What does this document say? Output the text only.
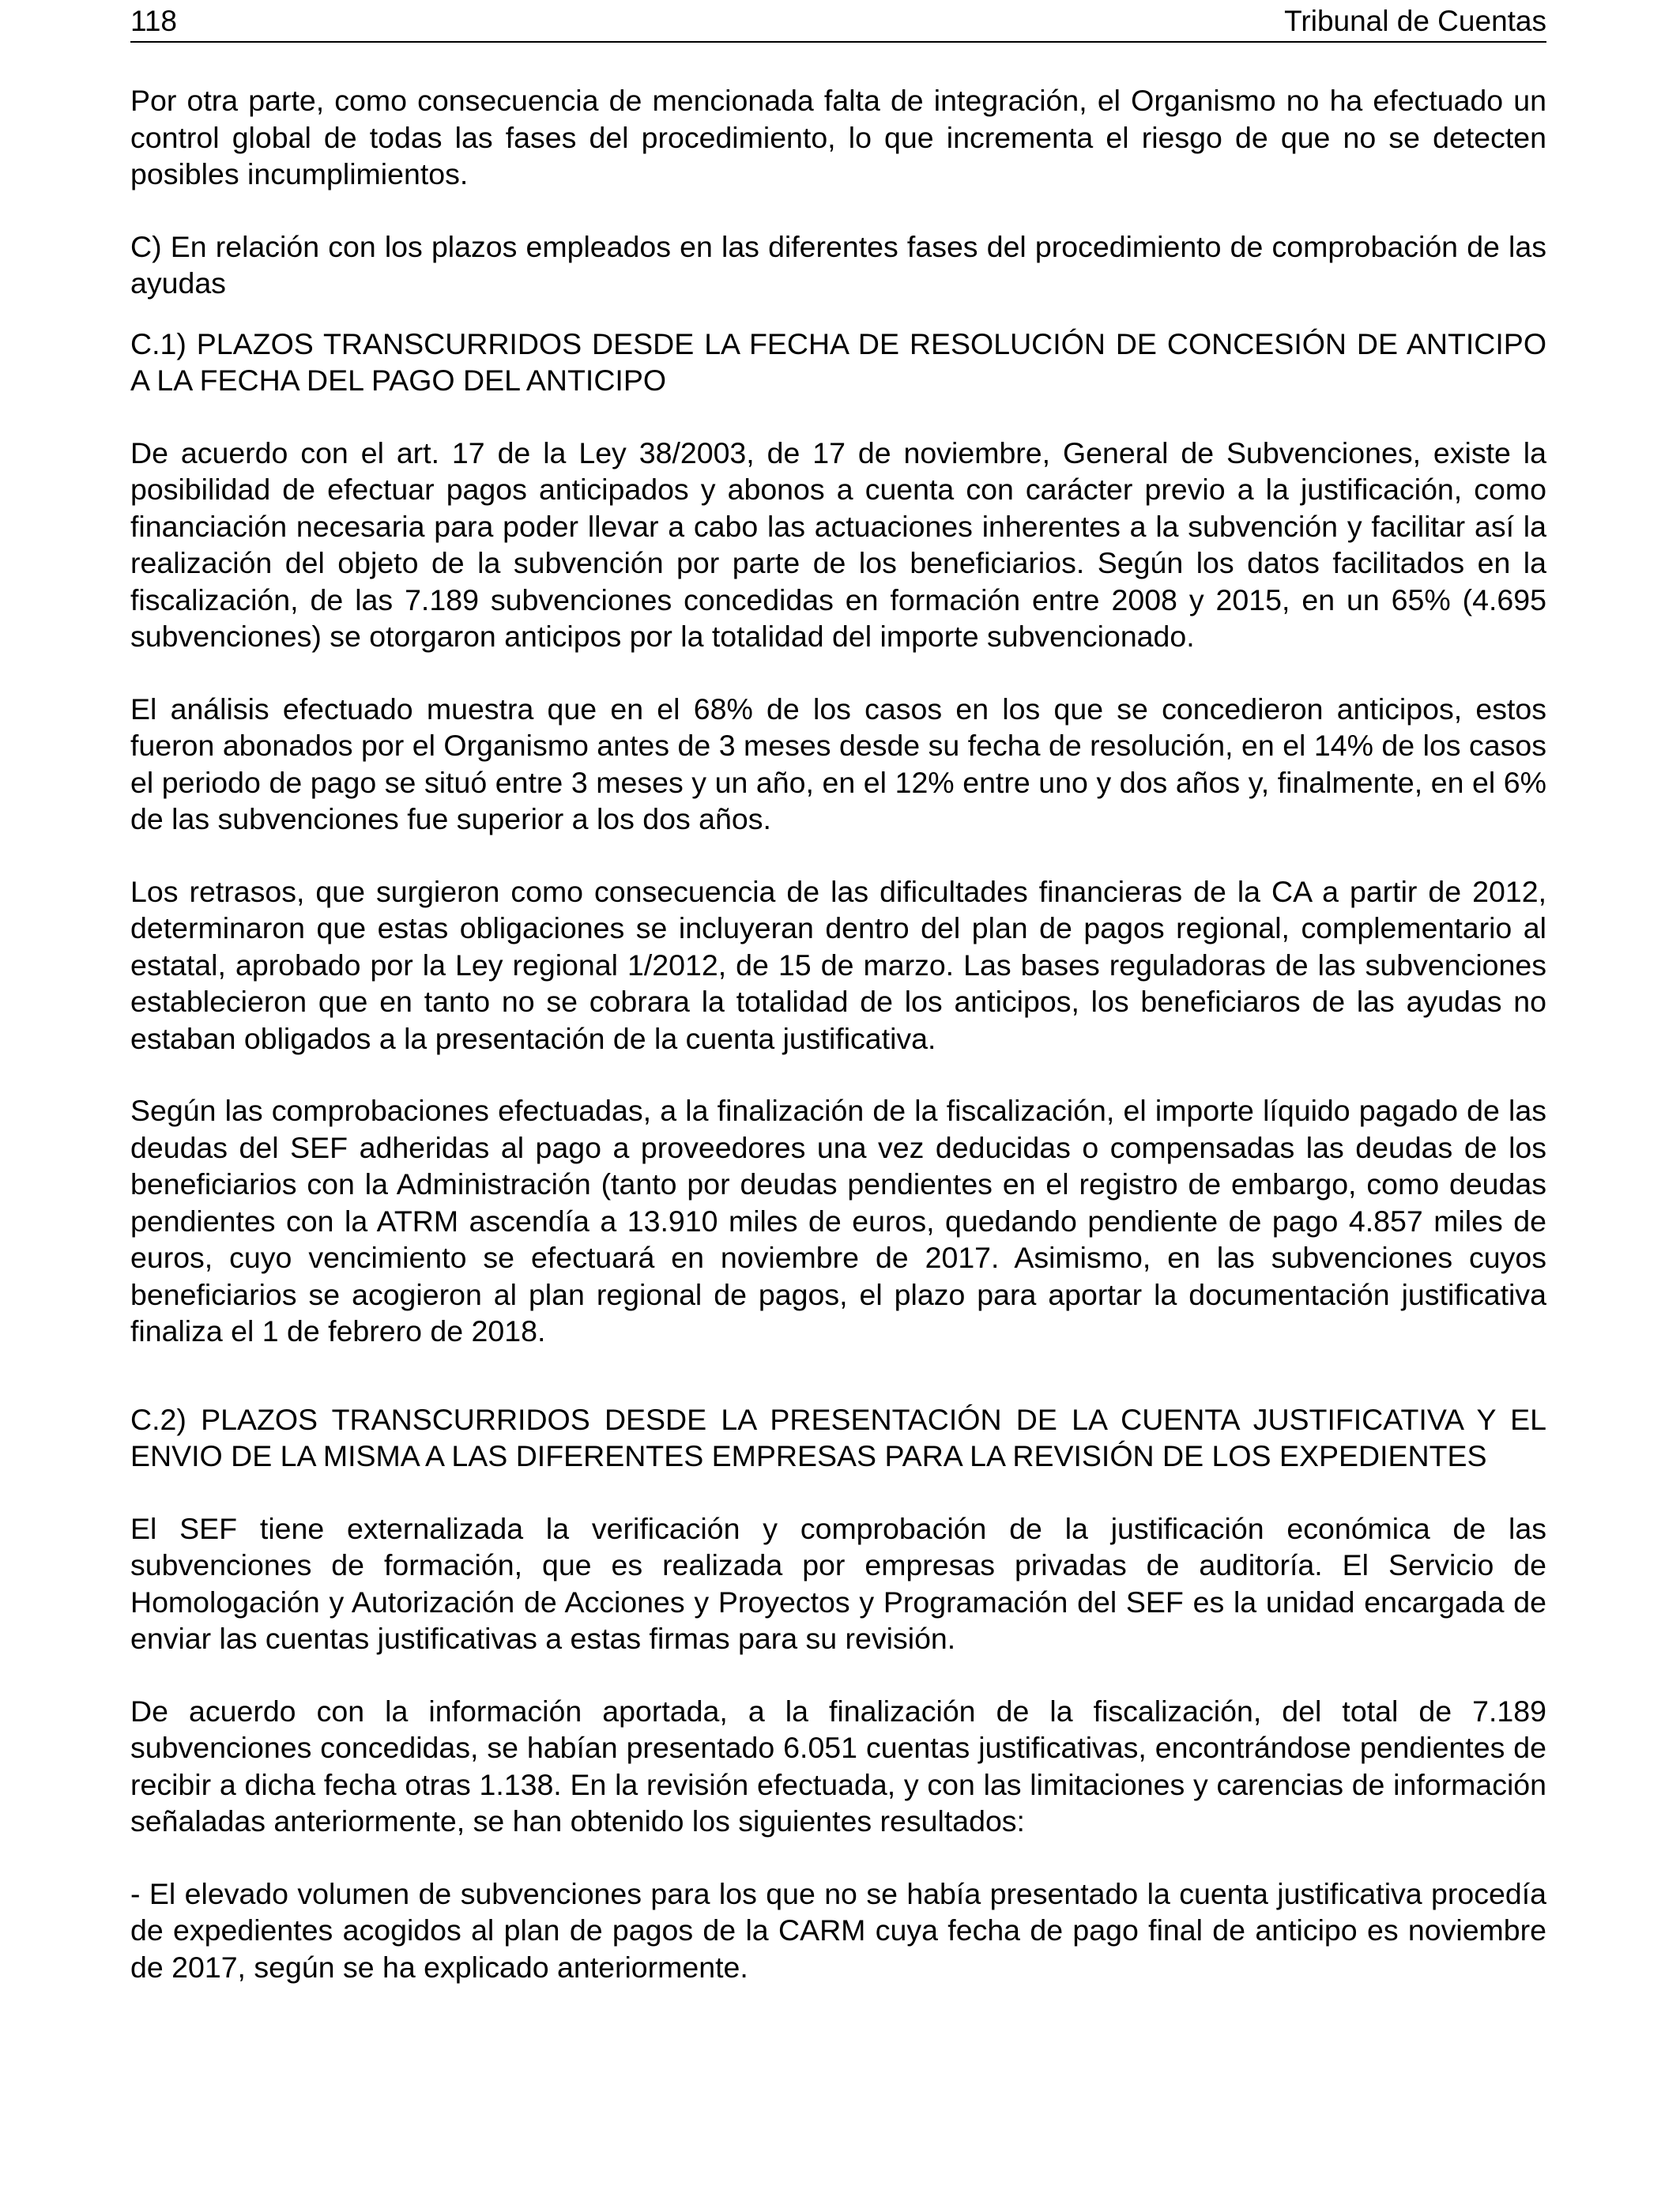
118	Tribunal de Cuentas

Por otra parte, como consecuencia de mencionada falta de integración, el Organismo no ha efectuado un control global de todas las fases del procedimiento, lo que incrementa el riesgo de que no se detecten posibles incumplimientos.

C) En relación con los plazos empleados en las diferentes fases del procedimiento de comprobación de las ayudas

C.1) PLAZOS TRANSCURRIDOS DESDE LA FECHA DE RESOLUCIÓN DE CONCESIÓN DE ANTICIPO A LA FECHA DEL PAGO DEL ANTICIPO

De acuerdo con el art. 17 de la Ley 38/2003, de 17 de noviembre, General de Subvenciones, existe la posibilidad de efectuar pagos anticipados y abonos a cuenta con carácter previo a la justificación, como financiación necesaria para poder llevar a cabo las actuaciones inherentes a la subvención y facilitar así la realización del objeto de la subvención por parte de los beneficiarios. Según los datos facilitados en la fiscalización, de las 7.189 subvenciones concedidas en formación entre 2008 y 2015, en un 65% (4.695 subvenciones) se otorgaron anticipos por la totalidad del importe subvencionado.

El análisis efectuado muestra que en el 68% de los casos en los que se concedieron anticipos, estos fueron abonados por el Organismo antes de 3 meses desde su fecha de resolución, en el 14% de los casos el periodo de pago se situó entre 3 meses y un año, en el 12% entre uno y dos años y, finalmente, en el 6% de las subvenciones fue superior a los dos años.

Los retrasos, que surgieron como consecuencia de las dificultades financieras de la CA a partir de 2012, determinaron que estas obligaciones se incluyeran dentro del plan de pagos regional, complementario al estatal, aprobado por la Ley regional 1/2012, de 15 de marzo. Las bases reguladoras de las subvenciones establecieron que en tanto no se cobrara la totalidad de los anticipos, los beneficiaros de las ayudas no estaban obligados a la presentación de la cuenta justificativa.

Según las comprobaciones efectuadas, a la finalización de la fiscalización, el importe líquido pagado de las deudas del SEF adheridas al pago a proveedores una vez deducidas o compensadas las deudas de los beneficiarios con la Administración (tanto por deudas pendientes en el registro de embargo, como deudas pendientes con la ATRM ascendía a 13.910 miles de euros, quedando pendiente de pago 4.857 miles de euros, cuyo vencimiento se efectuará en noviembre de 2017. Asimismo, en las subvenciones cuyos beneficiarios se acogieron al plan regional de pagos, el plazo para aportar la documentación justificativa finaliza el 1 de febrero de 2018.

C.2) PLAZOS TRANSCURRIDOS DESDE LA PRESENTACIÓN DE LA CUENTA JUSTIFICATIVA Y EL ENVIO DE LA MISMA A LAS DIFERENTES EMPRESAS PARA LA REVISIÓN DE LOS EXPEDIENTES

El SEF tiene externalizada la verificación y comprobación de la justificación económica de las subvenciones de formación, que es realizada por empresas privadas de auditoría. El Servicio de Homologación y Autorización de Acciones y Proyectos y Programación del SEF es la unidad encargada de enviar las cuentas justificativas a estas firmas para su revisión.

De acuerdo con la información aportada, a la finalización de la fiscalización, del total de 7.189 subvenciones concedidas, se habían presentado 6.051 cuentas justificativas, encontrándose pendientes de recibir a dicha fecha otras 1.138. En la revisión efectuada, y con las limitaciones y carencias de información señaladas anteriormente, se han obtenido los siguientes resultados:

- El elevado volumen de subvenciones para los que no se había presentado la cuenta justificativa procedía de expedientes acogidos al plan de pagos de la CARM cuya fecha de pago final de anticipo es noviembre de 2017, según se ha explicado anteriormente.
